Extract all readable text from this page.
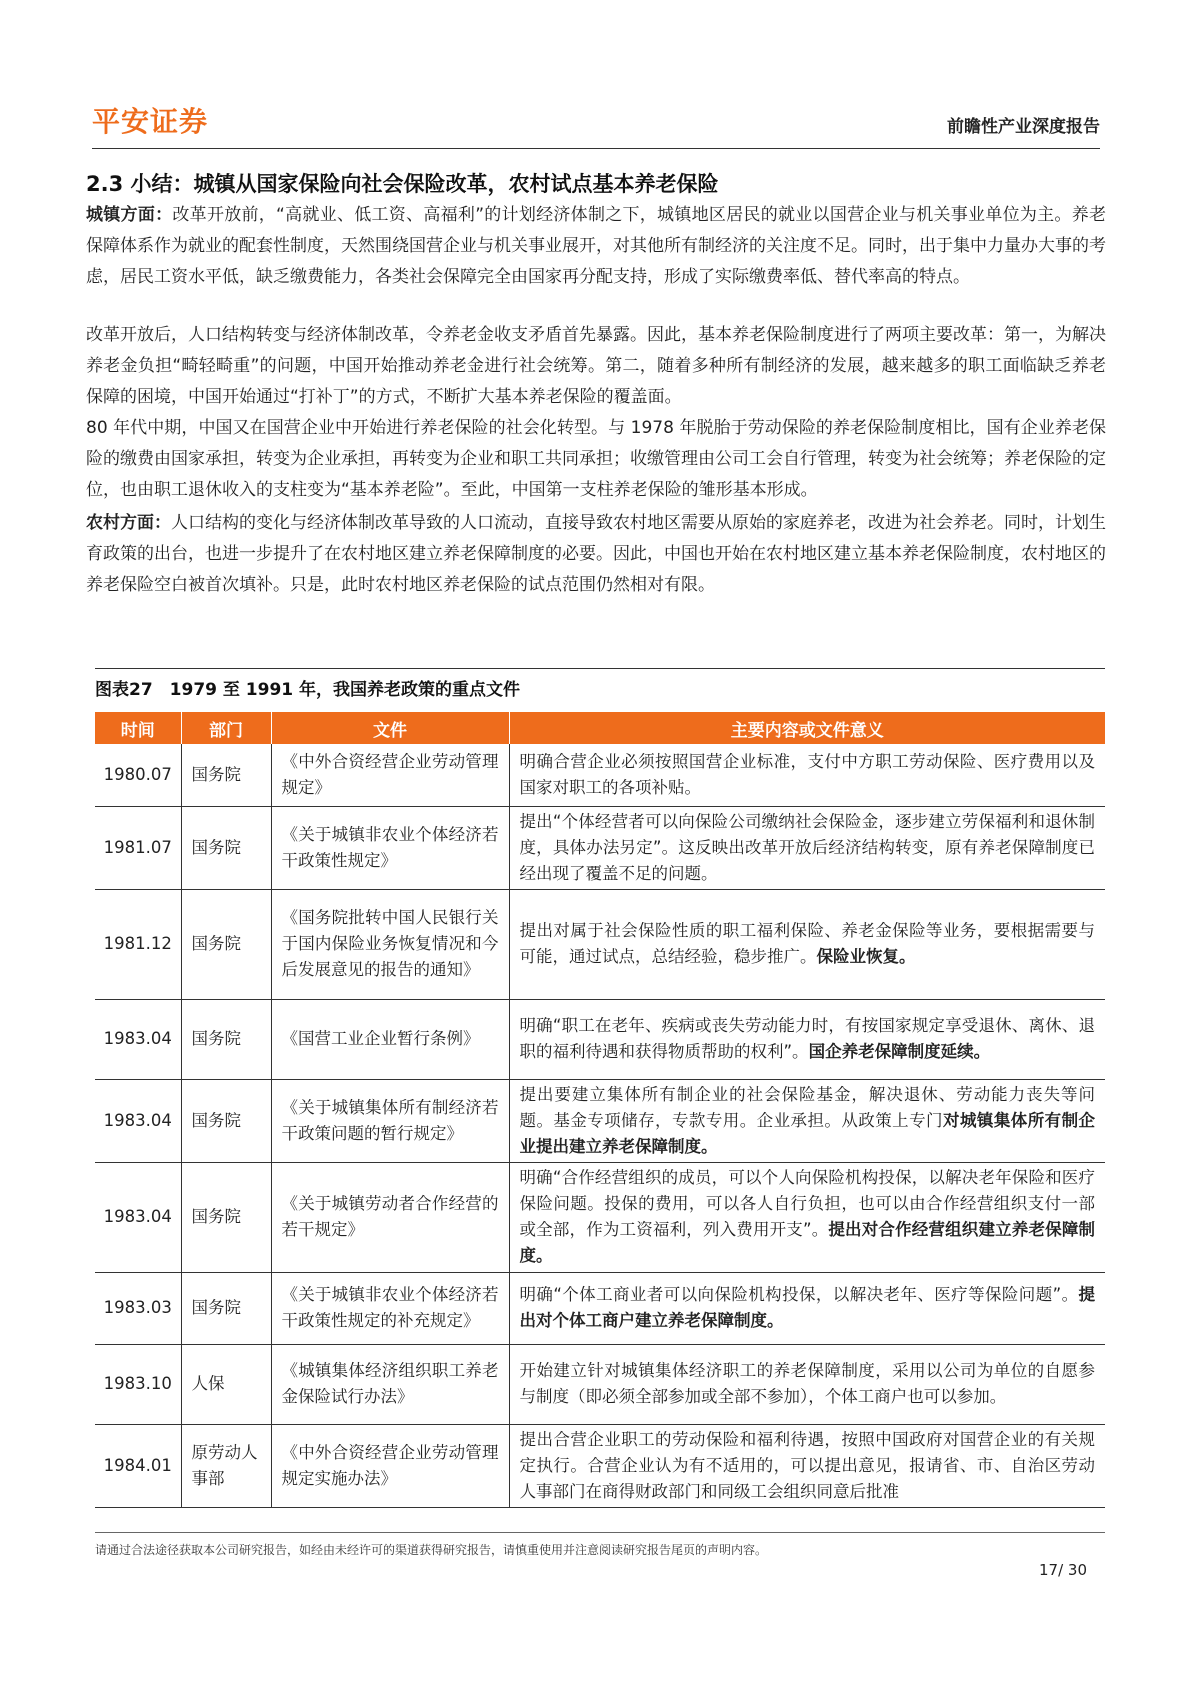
平安证券	前瞻性产业深度报告
2.3 小结：城镇从国家保险向社会保险改革，农村试点基本养老保险
城镇方面：改革开放前，“高就业、低工资、高福利”的计划经济体制之下，城镇地区居民的就业以国营企业与机关事业单位为主。养老保障体系作为就业的配套性制度，天然围绕国营企业与机关事业展开，对其他所有制经济的关注度不足。同时，出于集中力量办大事的考虑，居民工资水平低，缺乏缴费能力，各类社会保障完全由国家再分配支持，形成了实际缴费率低、替代率高的特点。
改革开放后，人口结构转变与经济体制改革，令养老金收支矛盾首先暴露。因此，基本养老保险制度进行了两项主要改革：第一，为解决养老金负担“畸轻畸重”的问题，中国开始推动养老金进行社会统筹。第二，随着多种所有制经济的发展，越来越多的职工面临缺乏养老保障的困境，中国开始通过“打补丁”的方式，不断扩大基本养老保险的覆盖面。
80 年代中期，中国又在国营企业中开始进行养老保险的社会化转型。与 1978 年脱胎于劳动保险的养老保险制度相比，国有企业养老保险的缴费由国家承担，转变为企业承担，再转变为企业和职工共同承担；收缴管理由公司工会自行管理，转变为社会统筹；养老保险的定位，也由职工退休收入的支柱变为“基本养老险”。至此，中国第一支柱养老保险的雏形基本形成。
农村方面：人口结构的变化与经济体制改革导致的人口流动，直接导致农村地区需要从原始的家庭养老，改进为社会养老。同时，计划生育政策的出台，也进一步提升了在农村地区建立养老保障制度的必要。因此，中国也开始在农村地区建立基本养老保险制度，农村地区的养老保险空白被首次填补。只是，此时农村地区养老保险的试点范围仍然相对有限。
图表27　1979 至 1991 年，我国养老政策的重点文件
时间	部门	文件	主要内容或文件意义
1980.07	国务院	《中外合资经营企业劳动管理规定》	明确合营企业必须按照国营企业标准，支付中方职工劳动保险、医疗费用以及国家对职工的各项补贴。
1981.07	国务院	《关于城镇非农业个体经济若干政策性规定》	提出“个体经营者可以向保险公司缴纳社会保险金，逐步建立劳保福利和退休制度，具体办法另定”。这反映出改革开放后经济结构转变，原有养老保障制度已经出现了覆盖不足的问题。
1981.12	国务院	《国务院批转中国人民银行关于国内保险业务恢复情况和今后发展意见的报告的通知》	提出对属于社会保险性质的职工福利保险、养老金保险等业务，要根据需要与可能，通过试点，总结经验，稳步推广。保险业恢复。
1983.04	国务院	《国营工业企业暂行条例》	明确“职工在老年、疾病或丧失劳动能力时，有按国家规定享受退休、离休、退职的福利待遇和获得物质帮助的权利”。国企养老保障制度延续。
1983.04	国务院	《关于城镇集体所有制经济若干政策问题的暂行规定》	提出要建立集体所有制企业的社会保险基金，解决退休、劳动能力丧失等问题。基金专项储存，专款专用。企业承担。从政策上专门对城镇集体所有制企业提出建立养老保障制度。
1983.04	国务院	《关于城镇劳动者合作经营的若干规定》	明确“合作经营组织的成员，可以个人向保险机构投保，以解决老年保险和医疗保险问题。投保的费用，可以各人自行负担，也可以由合作经营组织支付一部或全部，作为工资福利，列入费用开支”。提出对合作经营组织建立养老保障制度。
1983.03	国务院	《关于城镇非农业个体经济若干政策性规定的补充规定》	明确“个体工商业者可以向保险机构投保，以解决老年、医疗等保险问题”。提出对个体工商户建立养老保障制度。
1983.10	人保	《城镇集体经济组织职工养老金保险试行办法》	开始建立针对城镇集体经济职工的养老保障制度，采用以公司为单位的自愿参与制度（即必须全部参加或全部不参加），个体工商户也可以参加。
1984.01	原劳动人事部	《中外合资经营企业劳动管理规定实施办法》	提出合营企业职工的劳动保险和福利待遇，按照中国政府对国营企业的有关规定执行。合营企业认为有不适用的，可以提出意见，报请省、市、自治区劳动人事部门在商得财政部门和同级工会组织同意后批准
请通过合法途径获取本公司研究报告，如经由未经许可的渠道获得研究报告，请慎重使用并注意阅读研究报告尾页的声明内容。
17/ 30
